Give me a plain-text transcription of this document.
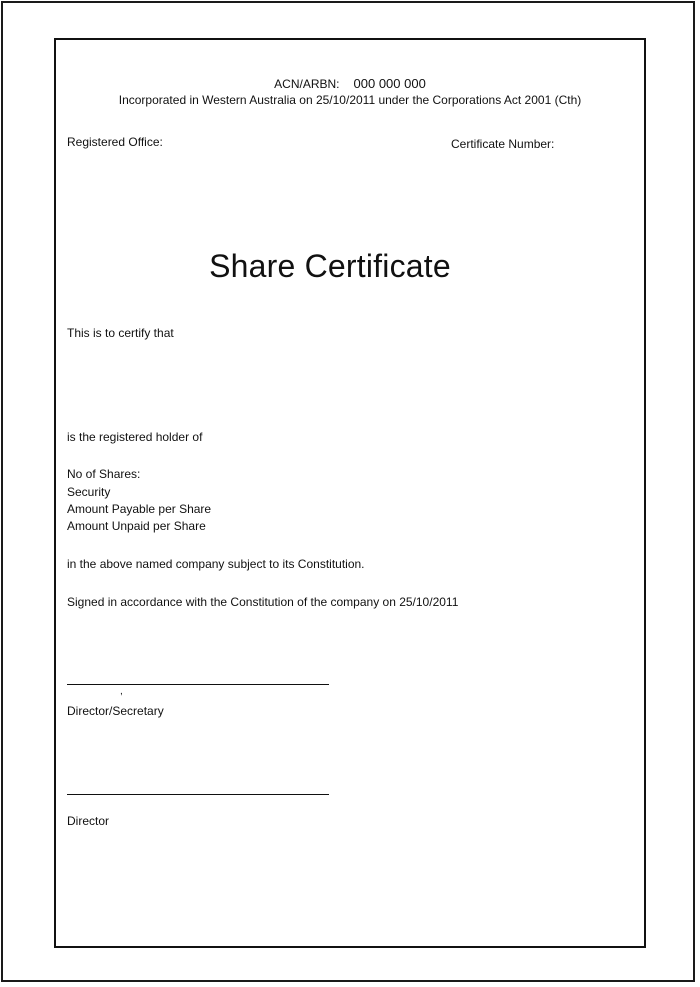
ACN/ARBN: 000 000 000
Incorporated in Western Australia on 25/10/2011 under the Corporations Act 2001 (Cth)
Registered Office:	Certificate Number:
Share Certificate
This is to certify that
is the registered holder of
No of Shares:
Security
Amount Payable per Share
Amount Unpaid per Share
in the above named company subject to its Constitution.
Signed in accordance with the Constitution of the company on 25/10/2011
,
Director/Secretary
Director
